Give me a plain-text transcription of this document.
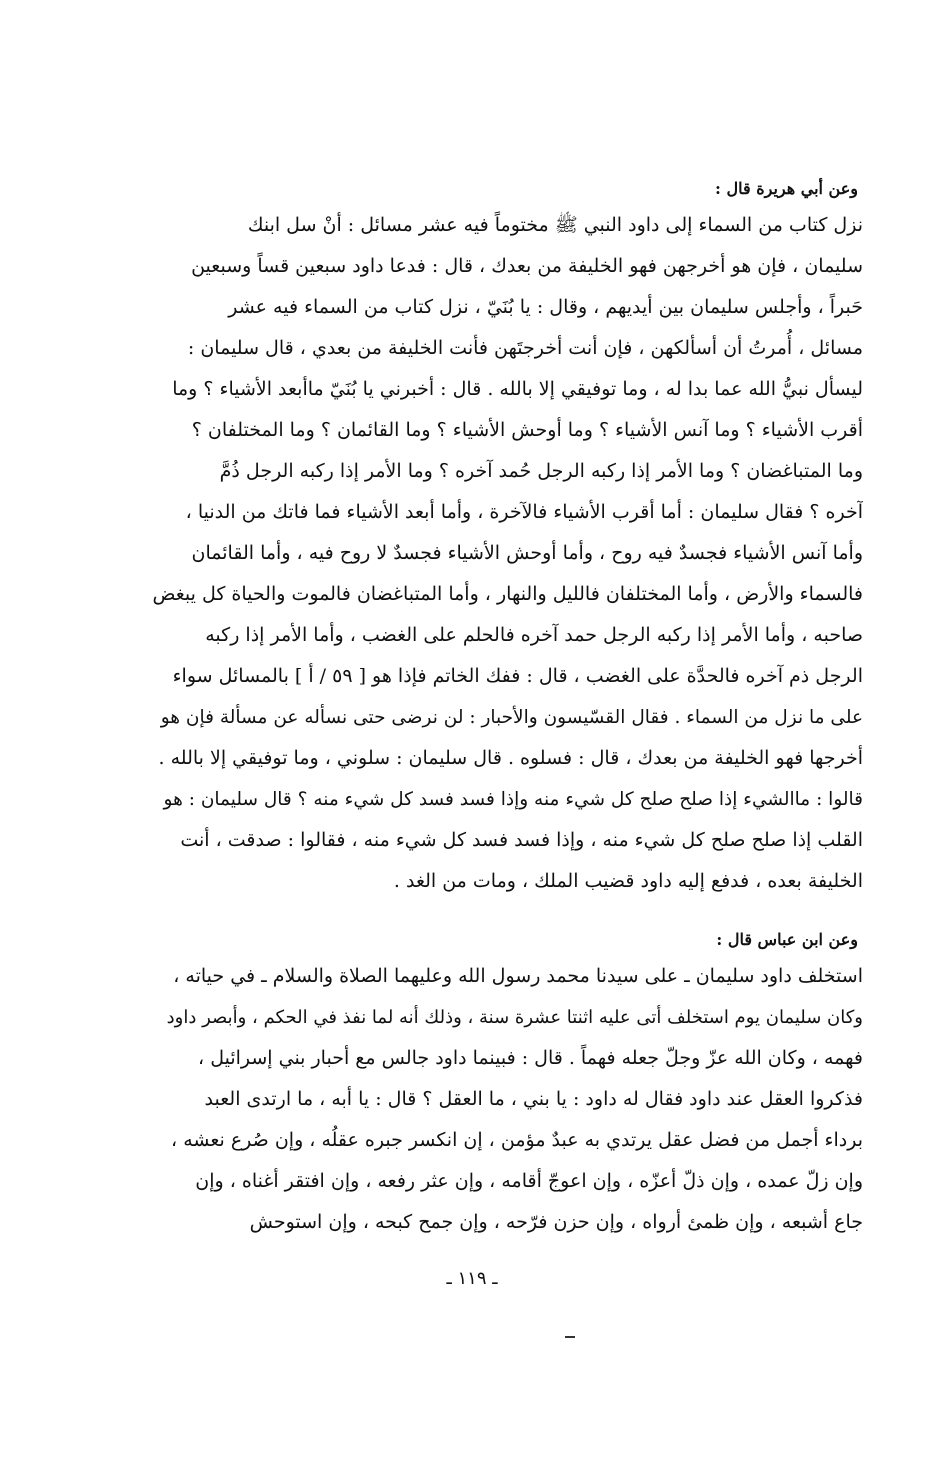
وعن أبي هريرة قال :
نزل كتاب من السماء إلى داود النبي ﷺ مختوماً فيه عشر مسائل : أنْ سل ابنك
سليمان ، فإن هو أخرجهن فهو الخليفة من بعدك ، قال : فدعا داود سبعين قساً وسبعين
حَبراً ، وأجلس سليمان بين أيديهم ، وقال : يا بُنَيّ ، نزل كتاب من السماء فيه عشر
مسائل ، أُمرتُ أن أسألكهن ، فإن أنت أخرجتَهن فأنت الخليفة من بعدي ، قال سليمان :
ليسأل نبيُّ الله عما بدا له ، وما توفيقي إلا بالله . قال : أخبرني يا بُنَيّ ماأبعد الأشياء ؟ وما
أقرب الأشياء ؟ وما آنس الأشياء ؟ وما أوحش الأشياء ؟ وما القائمان ؟ وما المختلفان ؟
وما المتباغضان ؟ وما الأمر إذا ركبه الرجل حُمد آخره ؟ وما الأمر إذا ركبه الرجل ذُمَّ
آخره ؟ فقال سليمان : أما أقرب الأشياء فالآخرة ، وأما أبعد الأشياء فما فاتك من الدنيا ،
وأما آنس الأشياء فجسدٌ فيه روح ، وأما أوحش الأشياء فجسدٌ لا روح فيه ، وأما القائمان
فالسماء والأرض ، وأما المختلفان فالليل والنهار ، وأما المتباغضان فالموت والحياة كل يبغض
صاحبه ، وأما الأمر إذا ركبه الرجل حمد آخره فالحلم على الغضب ، وأما الأمر إذا ركبه
الرجل ذم آخره فالحدَّة على الغضب ، قال : ففك الخاتم فإذا هو [ ٥٩ / أ ] بالمسائل سواء
على ما نزل من السماء . فقال القسّيسون والأحبار : لن نرضى حتى نسأله عن مسألة فإن هو
أخرجها فهو الخليفة من بعدك ، قال : فسلوه . قال سليمان : سلوني ، وما توفيقي إلا بالله .
قالوا : ماالشيء إذا صلح صلح كل شيء منه وإذا فسد فسد كل شيء منه ؟ قال سليمان : هو
القلب إذا صلح صلح كل شيء منه ، وإذا فسد فسد كل شيء منه ، فقالوا : صدقت ، أنت
الخليفة بعده ، فدفع إليه داود قضيب الملك ، ومات من الغد .
وعن ابن عباس قال :
استخلف داود سليمان ـ على سيدنا محمد رسول الله وعليهما الصلاة والسلام ـ في حياته ،
وكان سليمان يوم استخلف أتى عليه اثنتا عشرة سنة ، وذلك أنه لما نفذ في الحكم ، وأبصر داود
فهمه ، وكان الله عزّ وجلّ جعله فهماً . قال : فبينما داود جالس مع أحبار بني إسرائيل ،
فذكروا العقل عند داود فقال له داود : يا بني ، ما العقل ؟ قال : يا أبه ، ما ارتدى العبد
برداء أجمل من فضل عقل يرتدي به عبدٌ مؤمن ، إن انكسر جبره عقلُه ، وإن صُرع نعشه ،
وإن زلّ عمده ، وإن ذلّ أعزّه ، وإن اعوجّ أقامه ، وإن عثر رفعه ، وإن افتقر أغناه ، وإن
جاع أشبعه ، وإن ظمئ أرواه ، وإن حزن فرّحه ، وإن جمح كبحه ، وإن استوحش
ـ ١١٩ ـ
